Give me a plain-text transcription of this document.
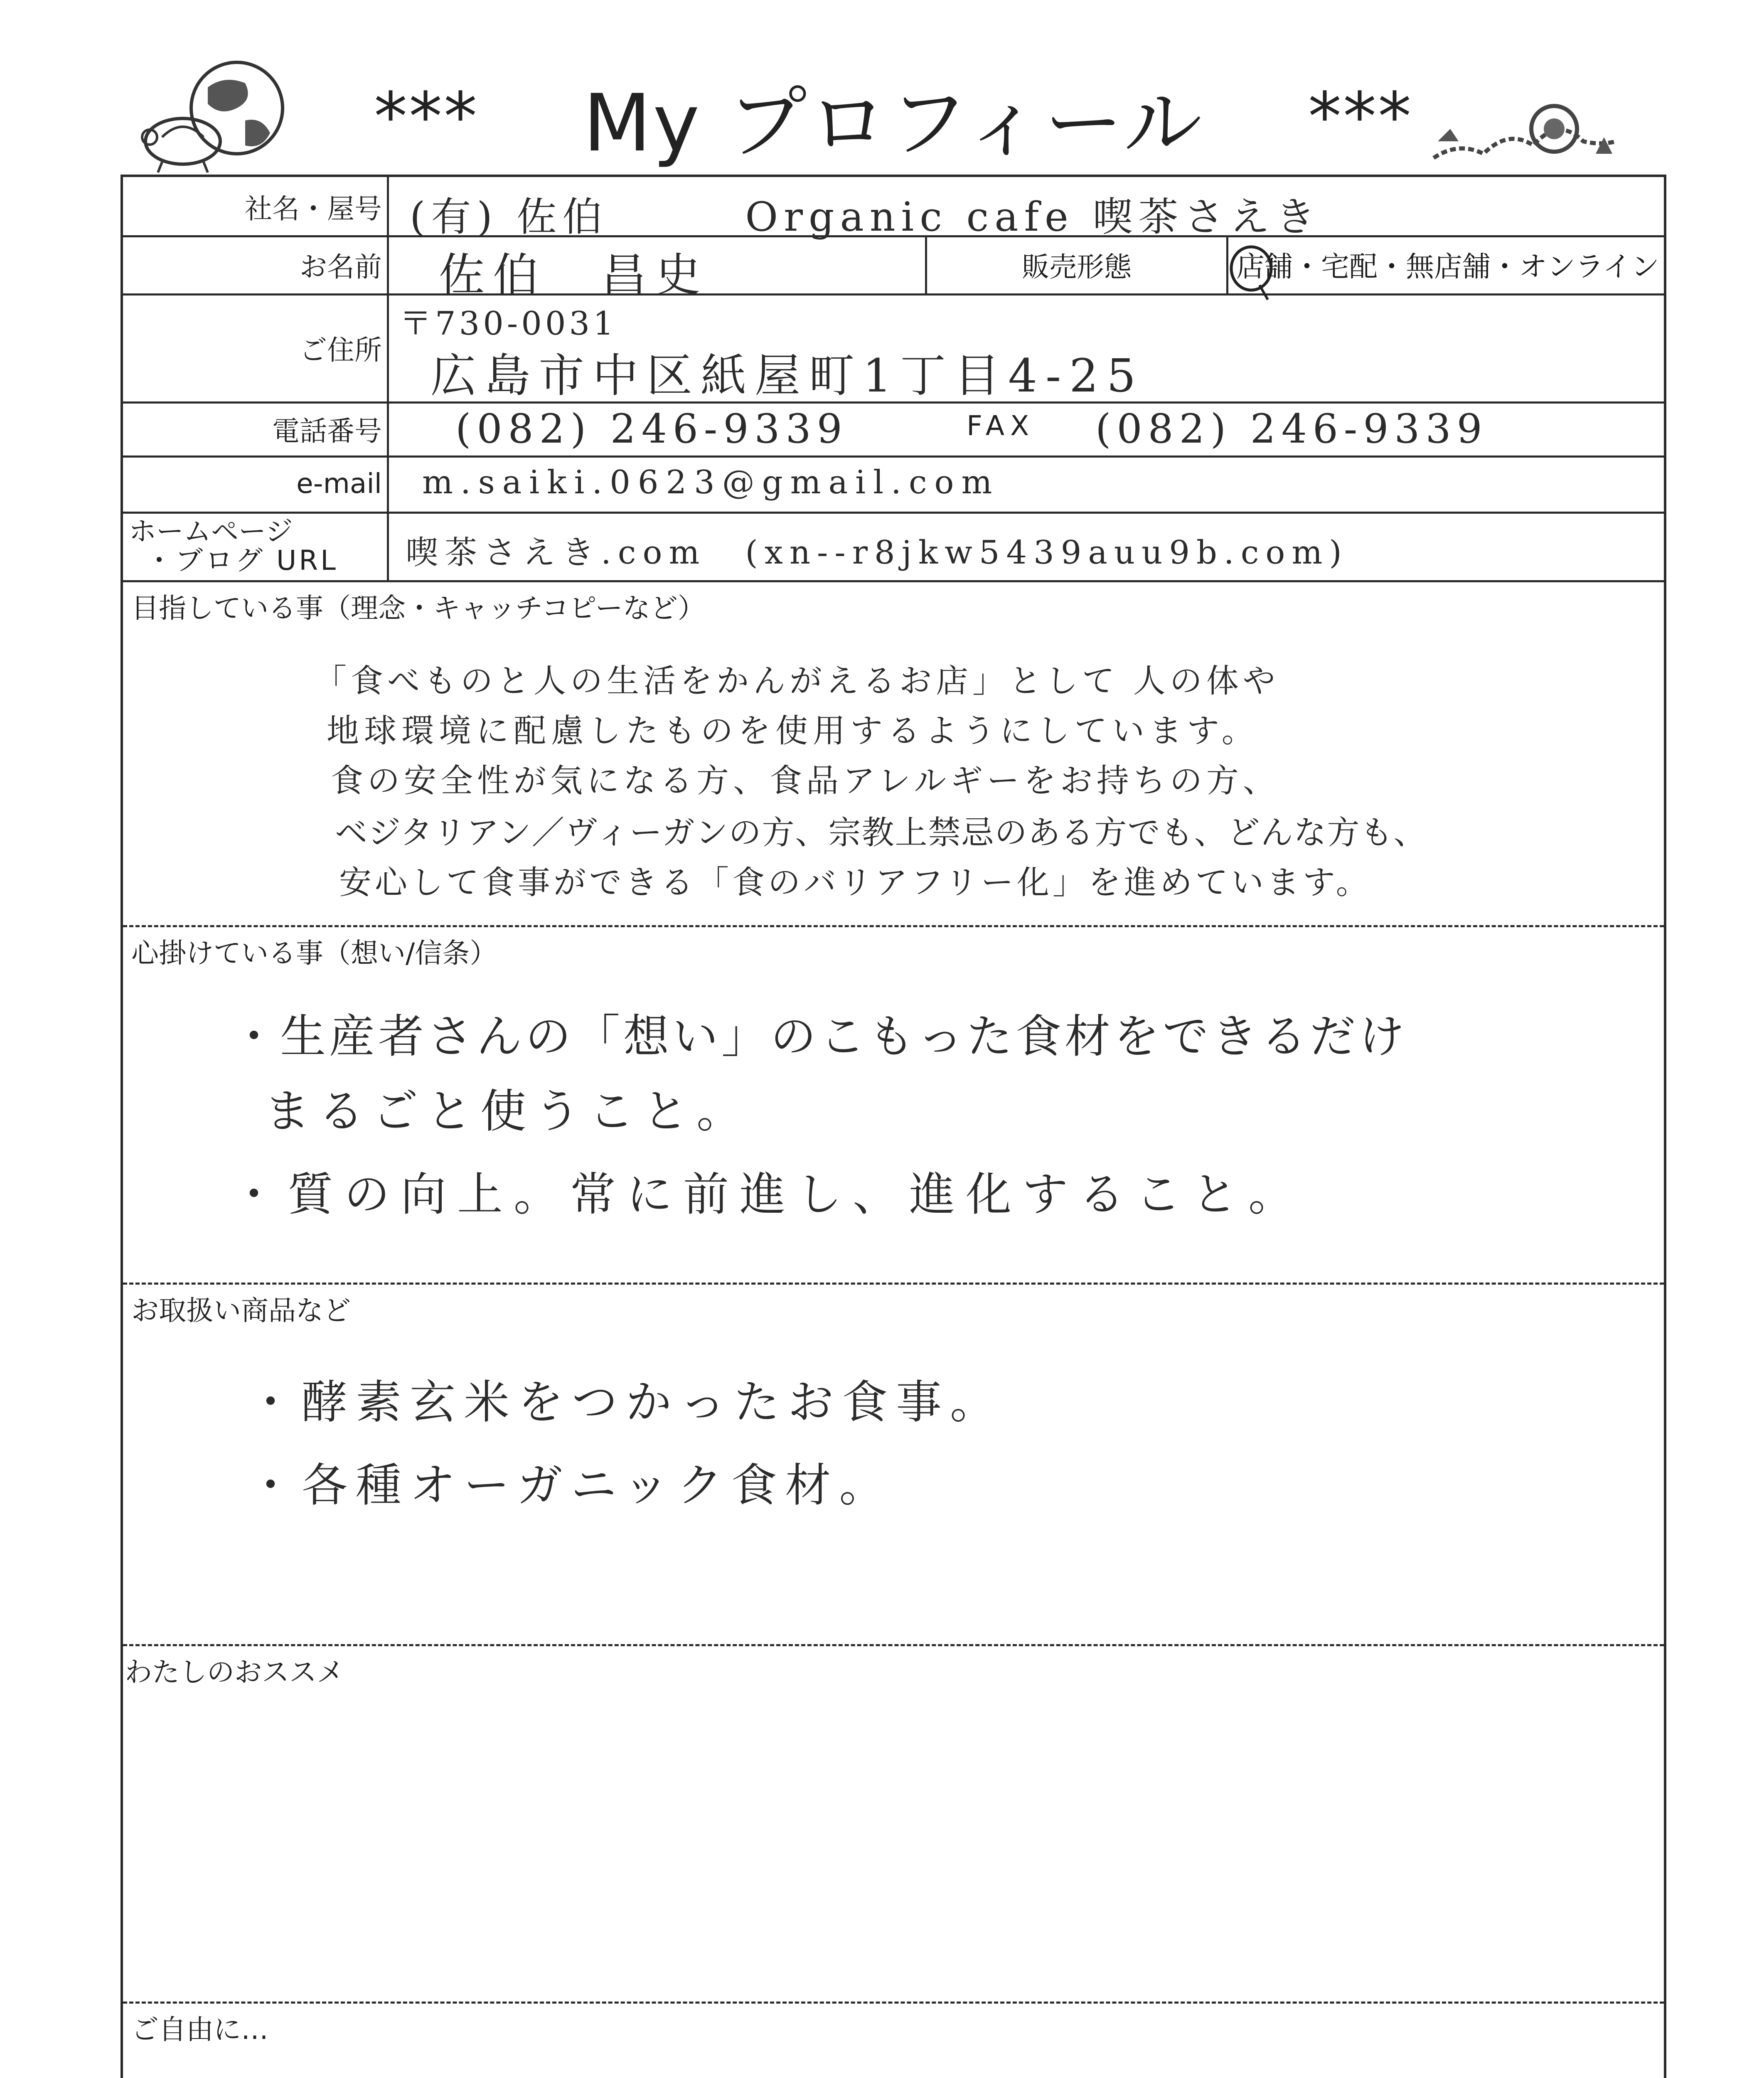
*** My プロフィール ***
社名・屋号 (有) 佐伯　　　Organic cafe 喫茶さえき
お名前 佐伯　昌史	販売形態	店舗・宅配・無店舗・オンライン
ご住所
〒730-0031
広島市中区紙屋町1丁目4-25
電話番号 (082) 246-9339	FAX (082) 246-9339
e-mail m.saiki.0623@gmail.com
ホームページ
・ブログ URL 喫茶さえき.com　(xn--r8jkw5439auu9b.com)
目指している事（理念・キャッチコピーなど）
「食べものと人の生活をかんがえるお店」として 人の体や
地球環境に配慮したものを使用するようにしています。
食の安全性が気になる方、食品アレルギーをお持ちの方、
ベジタリアン／ヴィーガンの方、宗教上禁忌のある方でも、どんな方も、
安心して食事ができる「食のバリアフリー化」を進めています。
心掛けている事（想い/信条）
・生産者さんの「想い」のこもった食材をできるだけ
まるごと使うこと。
・質の向上。常に前進し、進化すること。
お取扱い商品など
・酵素玄米をつかったお食事。
・各種オーガニック食材。
わたしのおススメ
ご自由に…
